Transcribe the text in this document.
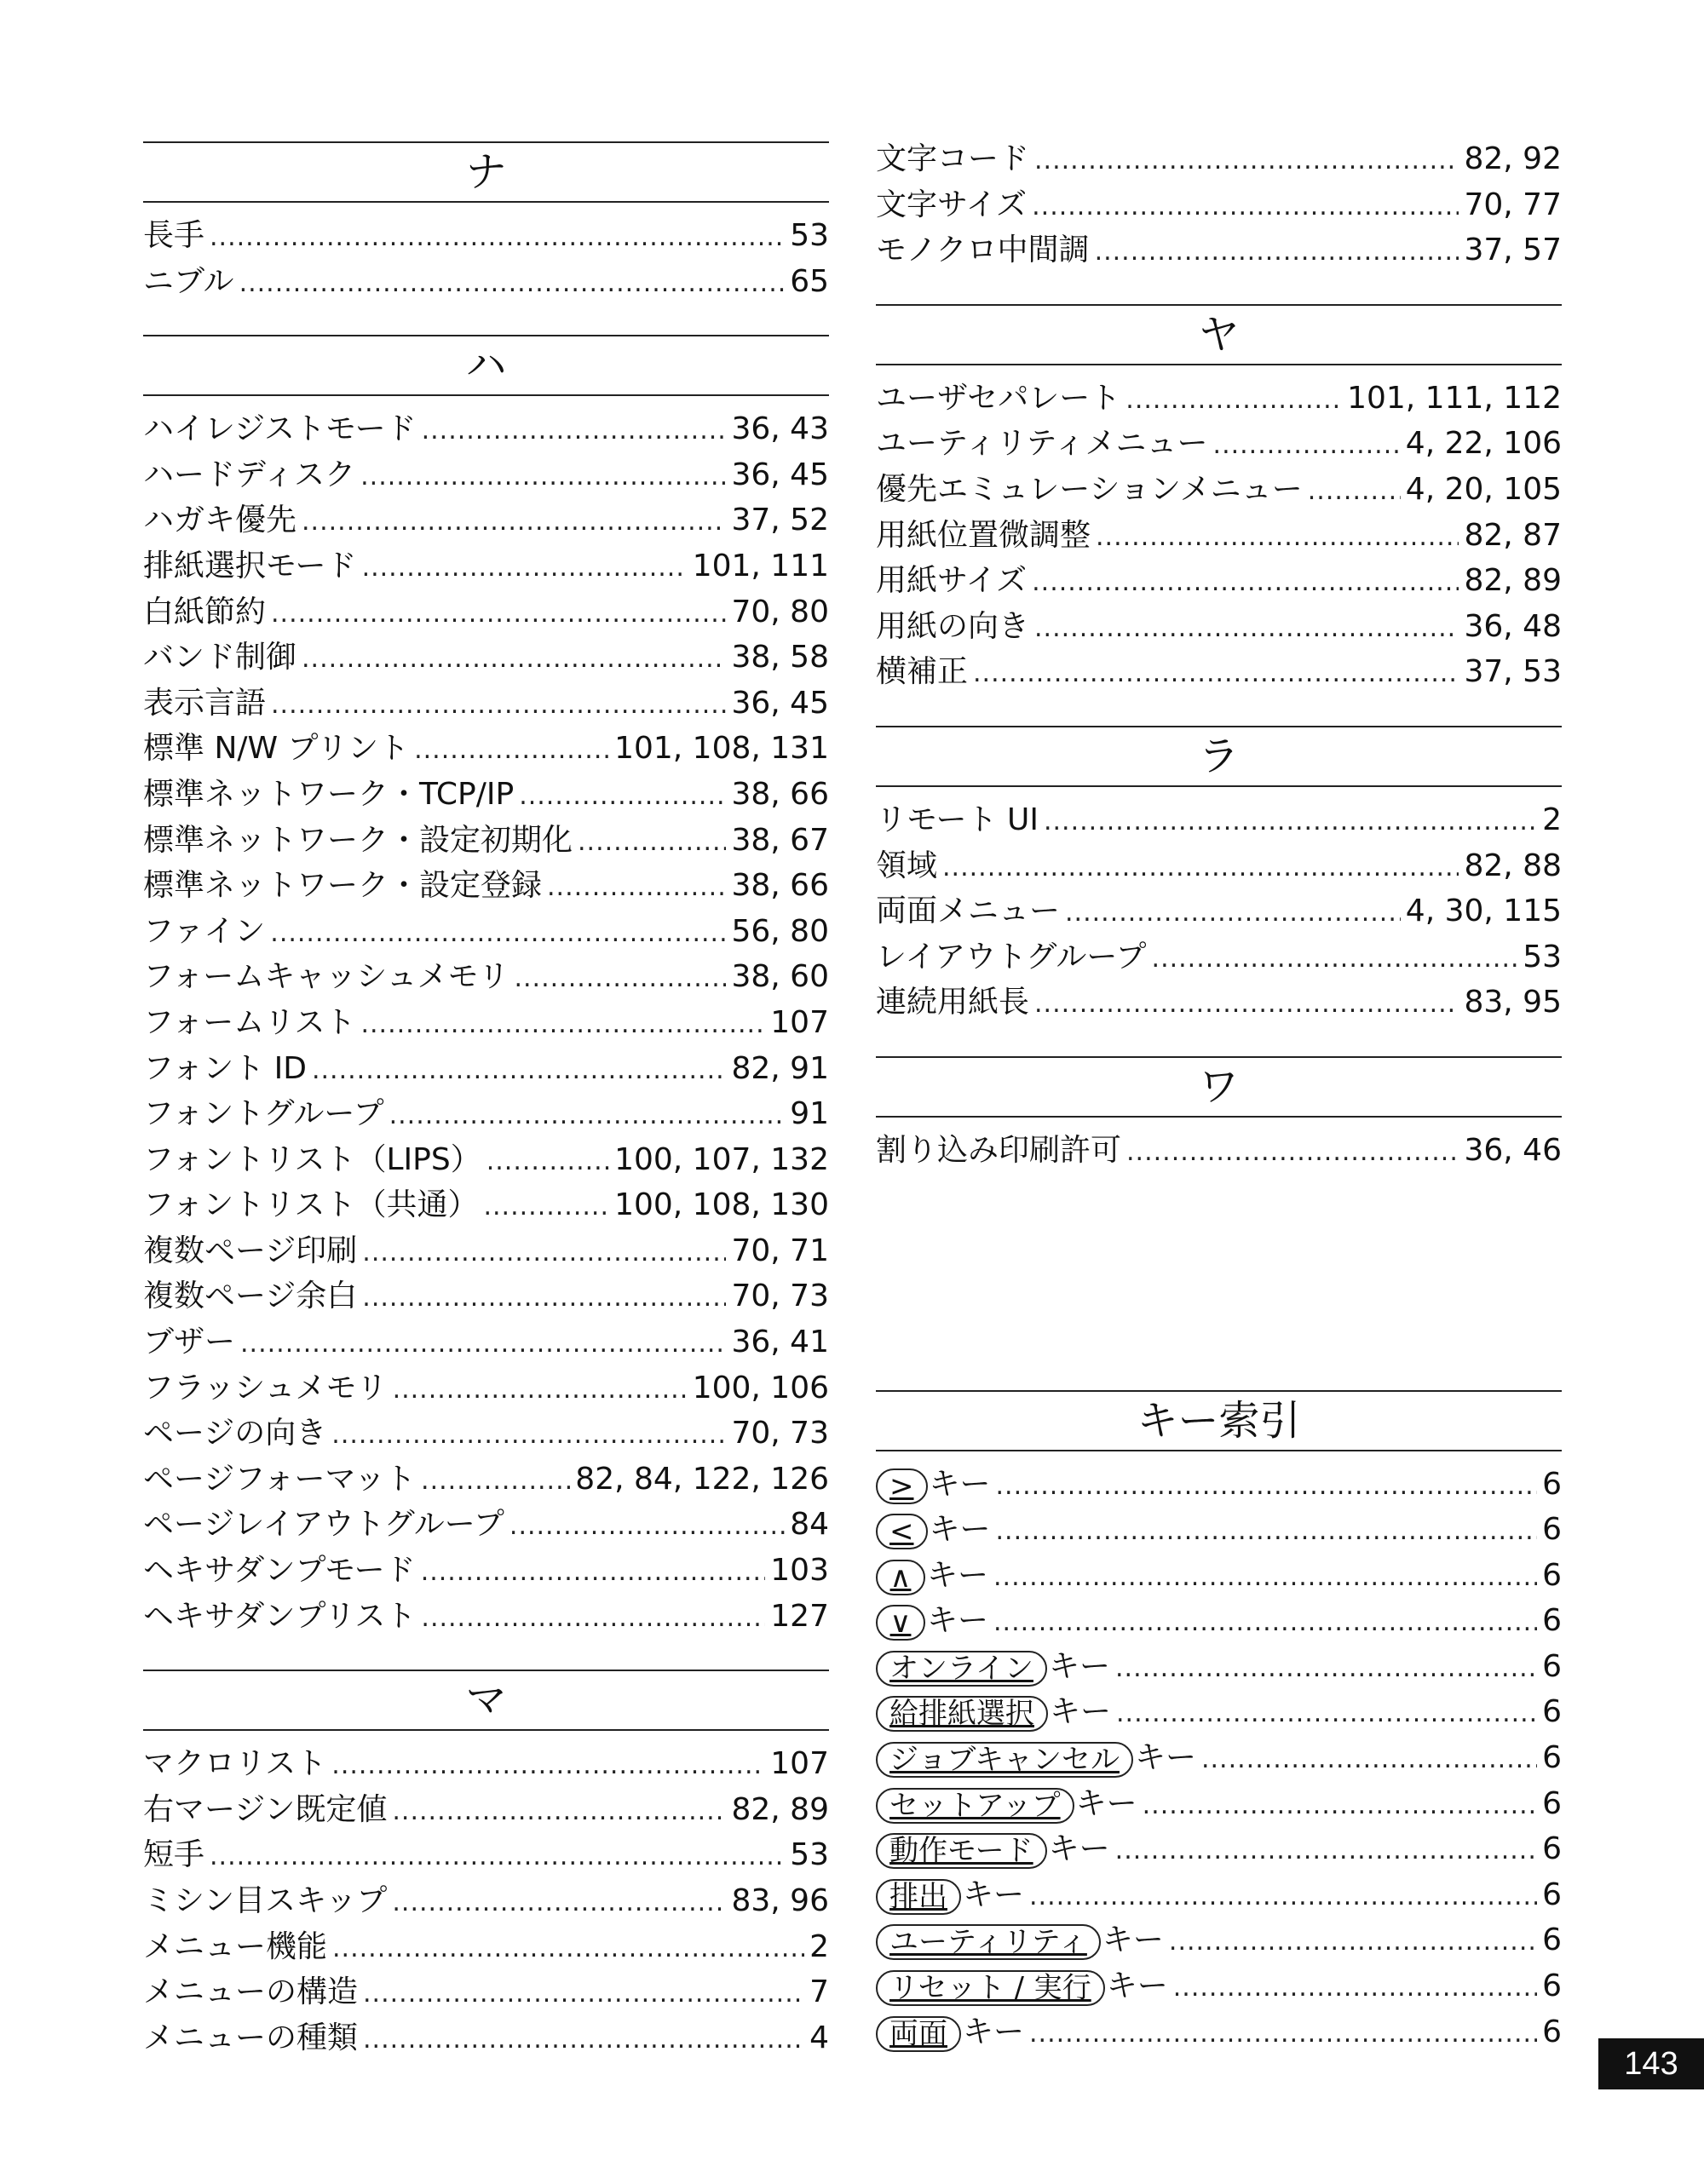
ナ
長手 .....	53
ニブル .....	65
ハ
ハイレジストモード .....	36, 43
ハードディスク .....	36, 45
ハガキ優先 .....	37, 52
排紙選択モード .....	101, 111
白紙節約 .....	70, 80
バンド制御 .....	38, 58
表示言語 .....	36, 45
標準 N/W プリント .....	101, 108, 131
標準ネットワーク・TCP/IP .....	38, 66
標準ネットワーク・設定初期化 .....	38, 67
標準ネットワーク・設定登録 .....	38, 66
ファイン .....	56, 80
フォームキャッシュメモリ .....	38, 60
フォームリスト .....	107
フォント ID .....	82, 91
フォントグループ .....	91
フォントリスト（LIPS） .....	100, 107, 132
フォントリスト（共通） .....	100, 108, 130
複数ページ印刷 .....	70, 71
複数ページ余白 .....	70, 73
ブザー .....	36, 41
フラッシュメモリ .....	100, 106
ページの向き .....	70, 73
ページフォーマット .....	82, 84, 122, 126
ページレイアウトグループ .....	84
ヘキサダンプモード .....	103
ヘキサダンプリスト .....	127
マ
マクロリスト .....	107
右マージン既定値 .....	82, 89
短手 .....	53
ミシン目スキップ .....	83, 96
メニュー機能 .....	2
メニューの構造 .....	7
メニューの種類 .....	4
文字コード .....	82, 92
文字サイズ .....	70, 77
モノクロ中間調 .....	37, 57
ヤ
ユーザセパレート .....	101, 111, 112
ユーティリティメニュー .....	4, 22, 106
優先エミュレーションメニュー .....	4, 20, 105
用紙位置微調整 .....	82, 87
用紙サイズ .....	82, 89
用紙の向き .....	36, 48
横補正 .....	37, 53
ラ
リモート UI .....	2
領域 .....	82, 88
両面メニュー .....	4, 30, 115
レイアウトグループ .....	53
連続用紙長 .....	83, 95
ワ
割り込み印刷許可 .....	36, 46
キー索引
> キー .....	6
< キー .....	6
∧ キー .....	6
∨ キー .....	6
オンライン キー .....	6
給排紙選択 キー .....	6
ジョブキャンセル キー .....	6
セットアップ キー .....	6
動作モード キー .....	6
排出 キー .....	6
ユーティリティ キー .....	6
リセット / 実行 キー .....	6
両面 キー .....	6
143
